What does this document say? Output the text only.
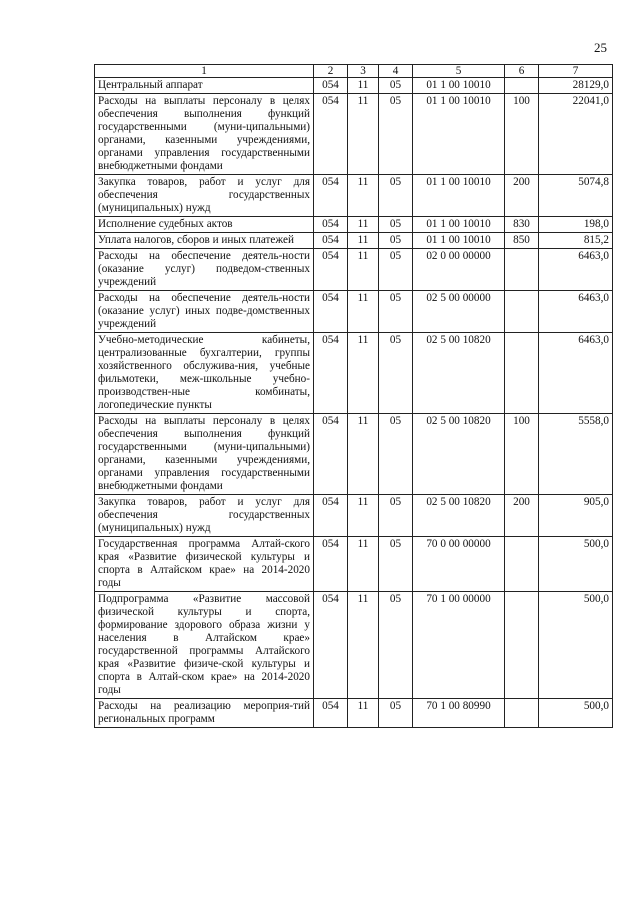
25
1	2	3	4	5	6	7
Центральный аппарат	054	11	05	01 1 00 10010		28129,0
Расходы на выплаты персоналу в целях обеспечения выполнения функций государственными (муни-ципальными) органами, казенными учреждениями, органами управления государственными внебюджетными фондами	054	11	05	01 1 00 10010	100	22041,0
Закупка товаров, работ и услуг для обеспечения государственных (муниципальных) нужд	054	11	05	01 1 00 10010	200	5074,8
Исполнение судебных актов	054	11	05	01 1 00 10010	830	198,0
Уплата налогов, сборов и иных платежей	054	11	05	01 1 00 10010	850	815,2
Расходы на обеспечение деятель-ности (оказание услуг) подведом-ственных учреждений	054	11	05	02 0 00 00000		6463,0
Расходы на обеспечение деятель-ности (оказание услуг) иных подве-домственных учреждений	054	11	05	02 5 00 00000		6463,0
Учебно-методические кабинеты, централизованные бухгалтерии, группы хозяйственного обслужива-ния, учебные фильмотеки, меж-школьные учебно-производствен-ные комбинаты, логопедические пункты	054	11	05	02 5 00 10820		6463,0
Расходы на выплаты персоналу в целях обеспечения выполнения функций государственными (муни-ципальными) органами, казенными учреждениями, органами управления государственными внебюджетными фондами	054	11	05	02 5 00 10820	100	5558,0
Закупка товаров, работ и услуг для обеспечения государственных (муниципальных) нужд	054	11	05	02 5 00 10820	200	905,0
Государственная программа Алтай-ского края «Развитие физической культуры и спорта в Алтайском крае» на 2014-2020 годы	054	11	05	70 0 00 00000		500,0
Подпрограмма «Развитие массовой физической культуры и спорта, формирование здорового образа жизни у населения в Алтайском крае» государственной программы Алтайского края «Развитие физиче-ской культуры и спорта в Алтай-ском крае» на 2014-2020 годы	054	11	05	70 1 00 00000		500,0
Расходы на реализацию мероприя-тий региональных программ	054	11	05	70 1 00 80990		500,0
